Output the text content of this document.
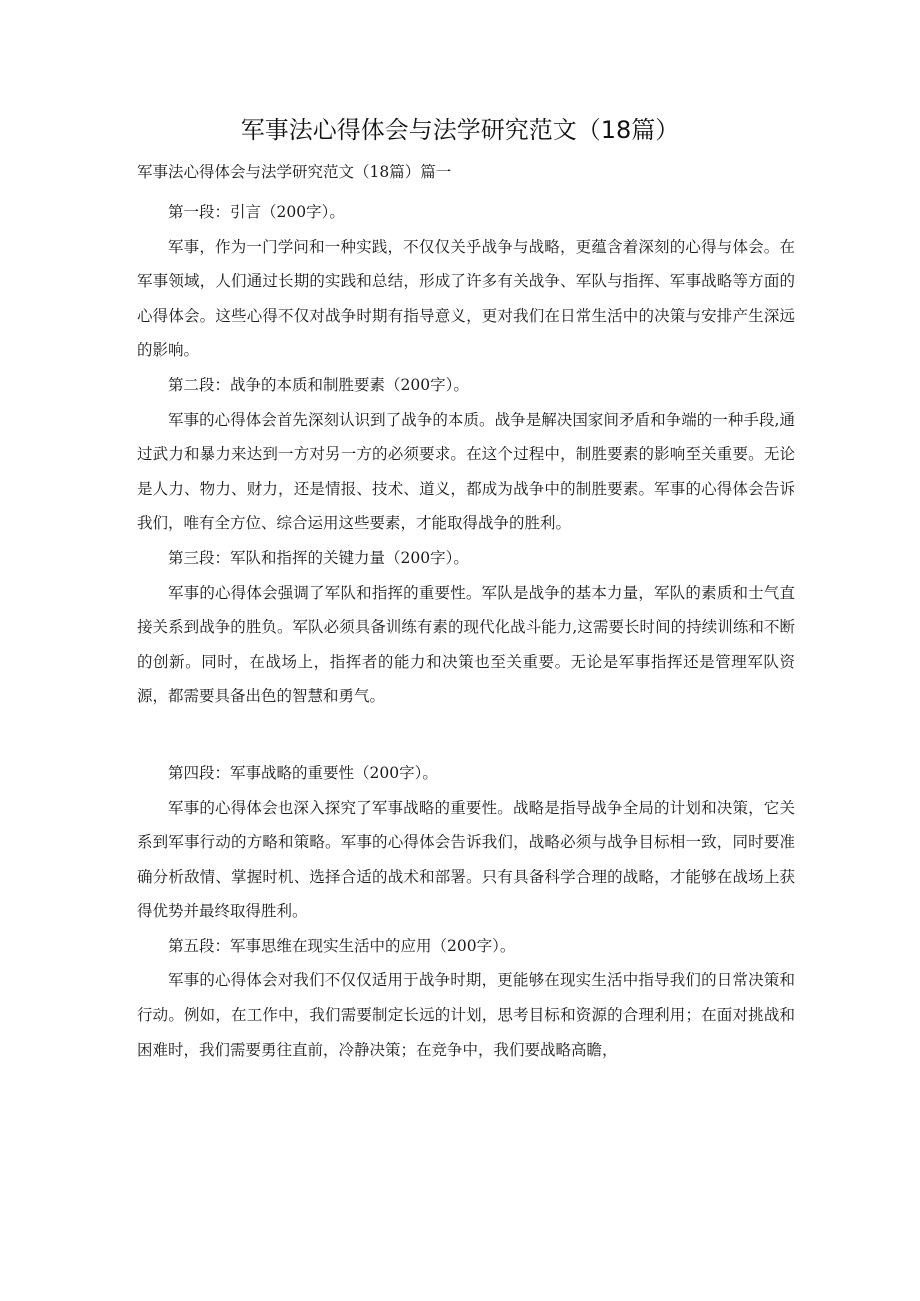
军事法心得体会与法学研究范文（18篇）

军事法心得体会与法学研究范文（18篇）篇一

第一段：引言（200字）。

军事，作为一门学问和一种实践，不仅仅关乎战争与战略，更蕴含着深刻的心得与体会。在军事领域，人们通过长期的实践和总结，形成了许多有关战争、军队与指挥、军事战略等方面的心得体会。这些心得不仅对战争时期有指导意义，更对我们在日常生活中的决策与安排产生深远的影响。

第二段：战争的本质和制胜要素（200字）。

军事的心得体会首先深刻认识到了战争的本质。战争是解决国家间矛盾和争端的一种手段,通过武力和暴力来达到一方对另一方的必须要求。在这个过程中，制胜要素的影响至关重要。无论是人力、物力、财力，还是情报、技术、道义，都成为战争中的制胜要素。军事的心得体会告诉我们，唯有全方位、综合运用这些要素，才能取得战争的胜利。

第三段：军队和指挥的关键力量（200字）。

军事的心得体会强调了军队和指挥的重要性。军队是战争的基本力量，军队的素质和士气直接关系到战争的胜负。军队必须具备训练有素的现代化战斗能力,这需要长时间的持续训练和不断的创新。同时，在战场上，指挥者的能力和决策也至关重要。无论是军事指挥还是管理军队资源，都需要具备出色的智慧和勇气。

第四段：军事战略的重要性（200字）。

军事的心得体会也深入探究了军事战略的重要性。战略是指导战争全局的计划和决策，它关系到军事行动的方略和策略。军事的心得体会告诉我们，战略必须与战争目标相一致，同时要准确分析敌情、掌握时机、选择合适的战术和部署。只有具备科学合理的战略，才能够在战场上获得优势并最终取得胜利。

第五段：军事思维在现实生活中的应用（200字）。

军事的心得体会对我们不仅仅适用于战争时期，更能够在现实生活中指导我们的日常决策和行动。例如，在工作中，我们需要制定长远的计划，思考目标和资源的合理利用；在面对挑战和困难时，我们需要勇往直前，冷静决策；在竞争中，我们要战略高瞻，
